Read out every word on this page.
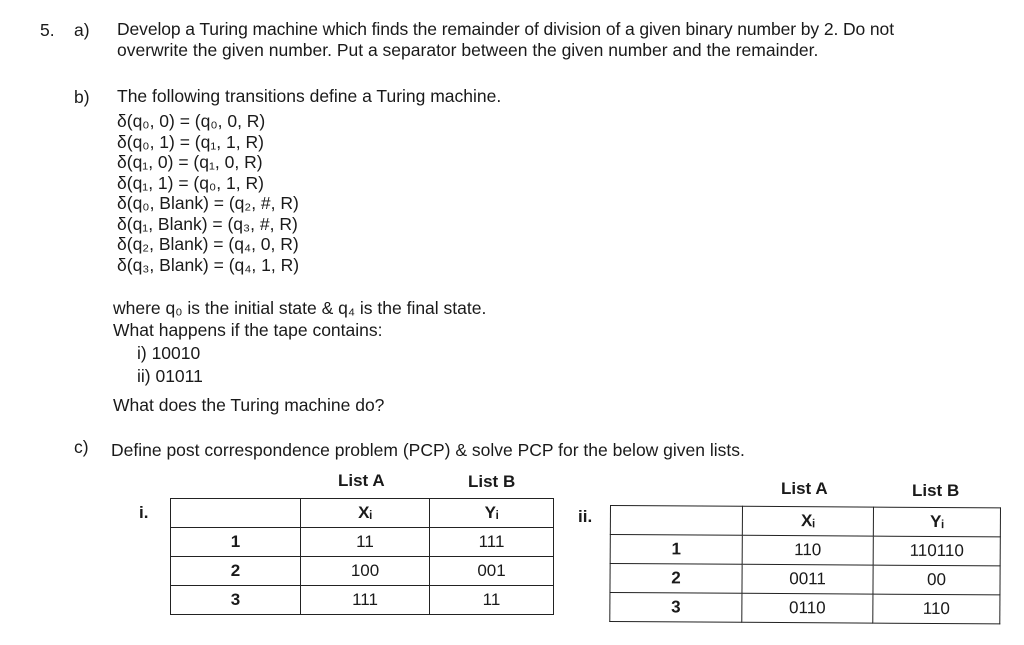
5. a) Develop a Turing machine which finds the remainder of division of a given binary number by 2. Do not
overwrite the given number. Put a separator between the given number and the remainder.
b) The following transitions define a Turing machine.
δ(q₀, 0) = (q₀, 0, R)
δ(q₀, 1) = (q₁, 1, R)
δ(q₁, 0) = (q₁, 0, R)
δ(q₁, 1) = (q₀, 1, R)
δ(q₀, Blank) = (q₂, #, R)
δ(q₁, Blank) = (q₃, #, R)
δ(q₂, Blank) = (q₄, 0, R)
δ(q₃, Blank) = (q₄, 1, R)
where q₀ is the initial state & q₄ is the final state.
What happens if the tape contains:
i) 10010
ii) 01011
What does the Turing machine do?
c) Define post correspondence problem (PCP) & solve PCP for the below given lists.
List A	List B
i.
		Xᵢ	Yᵢ
1	11	111
2	100	001
3	111	11
List A	List B
ii.
		Xᵢ	Yᵢ
1	110	110110
2	0011	00
3	0110	110
